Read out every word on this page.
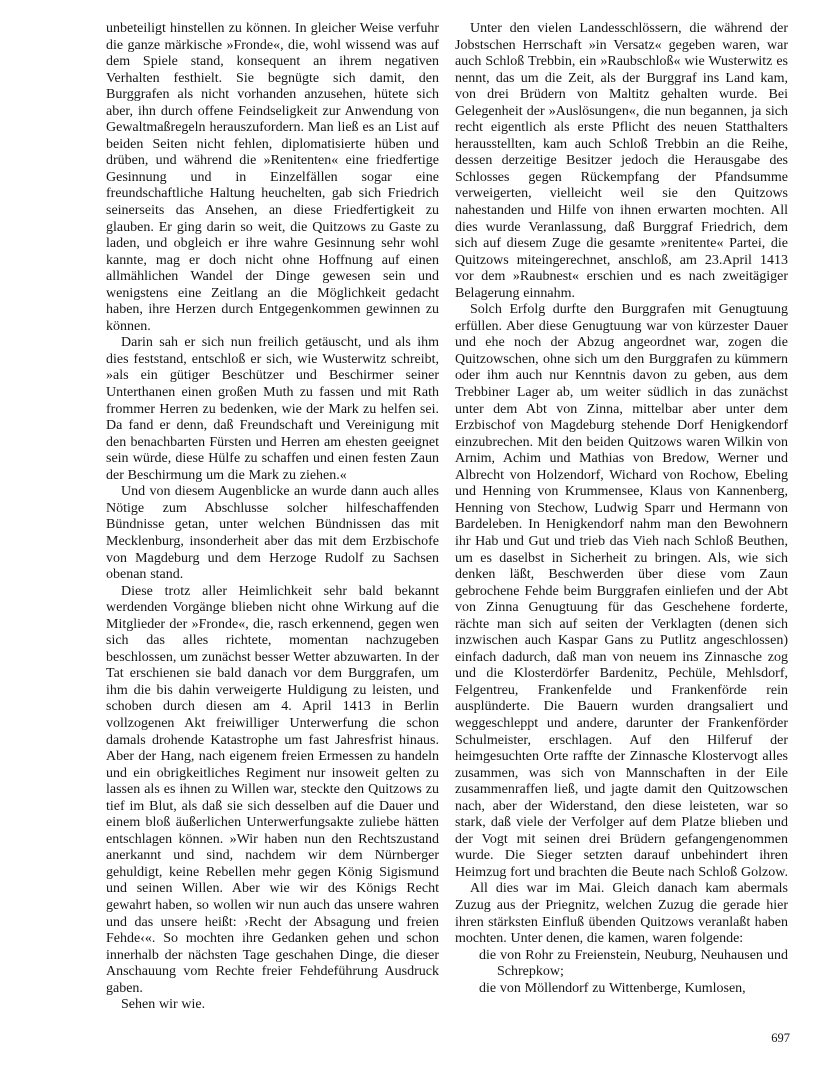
unbeteiligt hinstellen zu können. In gleicher Weise verfuhr die ganze märkische »Fronde«, die, wohl wissend was auf dem Spiele stand, konsequent an ihrem negativen Verhalten festhielt. Sie begnügte sich damit, den Burggrafen als nicht vorhanden anzusehen, hütete sich aber, ihn durch offene Feindseligkeit zur Anwendung von Gewaltmaßregeln herauszufordern. Man ließ es an List auf beiden Seiten nicht fehlen, diplomatisierte hüben und drüben, und während die »Renitenten« eine friedfertige Gesinnung und in Einzelfällen sogar eine freundschaftliche Haltung heuchelten, gab sich Friedrich seinerseits das Ansehen, an diese Friedfertigkeit zu glauben. Er ging darin so weit, die Quitzows zu Gaste zu laden, und obgleich er ihre wahre Gesinnung sehr wohl kannte, mag er doch nicht ohne Hoffnung auf einen allmählichen Wandel der Dinge gewesen sein und wenigstens eine Zeitlang an die Möglichkeit gedacht haben, ihre Herzen durch Entgegenkommen gewinnen zu können.

Darin sah er sich nun freilich getäuscht, und als ihm dies feststand, entschloß er sich, wie Wusterwitz schreibt, »als ein gütiger Beschützer und Beschirmer seiner Unterthanen einen großen Muth zu fassen und mit Rath frommer Herren zu bedenken, wie der Mark zu helfen sei. Da fand er denn, daß Freundschaft und Vereinigung mit den benachbarten Fürsten und Herren am ehesten geeignet sein würde, diese Hülfe zu schaffen und einen festen Zaun der Beschirmung um die Mark zu ziehen.«

Und von diesem Augenblicke an wurde dann auch alles Nötige zum Abschlusse solcher hilfeschaffenden Bündnisse getan, unter welchen Bündnissen das mit Mecklenburg, insonderheit aber das mit dem Erzbischofe von Magdeburg und dem Herzoge Rudolf zu Sachsen obenan stand.

Diese trotz aller Heimlichkeit sehr bald bekannt werdenden Vorgänge blieben nicht ohne Wirkung auf die Mitglieder der »Fronde«, die, rasch erkennend, gegen wen sich das alles richtete, momentan nachzugeben beschlossen, um zunächst besser Wetter abzuwarten. In der Tat erschienen sie bald danach vor dem Burggrafen, um ihm die bis dahin verweigerte Huldigung zu leisten, und schoben durch diesen am 4. April 1413 in Berlin vollzogenen Akt freiwilliger Unterwerfung die schon damals drohende Katastrophe um fast Jahresfrist hinaus. Aber der Hang, nach eigenem freien Ermessen zu handeln und ein obrigkeitliches Regiment nur insoweit gelten zu lassen als es ihnen zu Willen war, steckte den Quitzows zu tief im Blut, als daß sie sich desselben auf die Dauer und einem bloß äußerlichen Unterwerfungsakte zuliebe hätten entschlagen können. »Wir haben nun den Rechtszustand anerkannt und sind, nachdem wir dem Nürnberger gehuldigt, keine Rebellen mehr gegen König Sigismund und seinen Willen. Aber wie wir des Königs Recht gewahrt haben, so wollen wir nun auch das unsere wahren und das unsere heißt: ›Recht der Absagung und freien Fehde‹«. So mochten ihre Gedanken gehen und schon innerhalb der nächsten Tage geschahen Dinge, die dieser Anschauung vom Rechte freier Fehdeführung Ausdruck gaben.

Sehen wir wie.

Unter den vielen Landesschlössern, die während der Jobstschen Herrschaft »in Versatz« gegeben waren, war auch Schloß Trebbin, ein »Raubschloß« wie Wusterwitz es nennt, das um die Zeit, als der Burggraf ins Land kam, von drei Brüdern von Maltitz gehalten wurde. Bei Gelegenheit der »Auslösungen«, die nun begannen, ja sich recht eigentlich als erste Pflicht des neuen Statthalters herausstellten, kam auch Schloß Trebbin an die Reihe, dessen derzeitige Besitzer jedoch die Herausgabe des Schlosses gegen Rückempfang der Pfandsumme verweigerten, vielleicht weil sie den Quitzows nahestanden und Hilfe von ihnen erwarten mochten. All dies wurde Veranlassung, daß Burggraf Friedrich, dem sich auf diesem Zuge die gesamte »renitente« Partei, die Quitzows miteingerechnet, anschloß, am 23.April 1413 vor dem »Raubnest« erschien und es nach zweitägiger Belagerung einnahm.

Solch Erfolg durfte den Burggrafen mit Genugtuung erfüllen. Aber diese Genugtuung war von kürzester Dauer und ehe noch der Abzug angeordnet war, zogen die Quitzowschen, ohne sich um den Burggrafen zu kümmern oder ihm auch nur Kenntnis davon zu geben, aus dem Trebbiner Lager ab, um weiter südlich in das zunächst unter dem Abt von Zinna, mittelbar aber unter dem Erzbischof von Magdeburg stehende Dorf Henigkendorf einzubrechen. Mit den beiden Quitzows waren Wilkin von Arnim, Achim und Mathias von Bredow, Werner und Albrecht von Holzendorf, Wichard von Rochow, Ebeling und Henning von Krummensee, Klaus von Kannenberg, Henning von Stechow, Ludwig Sparr und Hermann von Bardeleben. In Henigkendorf nahm man den Bewohnern ihr Hab und Gut und trieb das Vieh nach Schloß Beuthen, um es daselbst in Sicherheit zu bringen. Als, wie sich denken läßt, Beschwerden über diese vom Zaun gebrochene Fehde beim Burggrafen einliefen und der Abt von Zinna Genugtuung für das Geschehene forderte, rächte man sich auf seiten der Verklagten (denen sich inzwischen auch Kaspar Gans zu Putlitz angeschlossen) einfach dadurch, daß man von neuem ins Zinnasche zog und die Klosterdörfer Bardenitz, Pechüle, Mehlsdorf, Felgentreu, Frankenfelde und Frankenförde rein ausplünderte. Die Bauern wurden drangsaliert und weggeschleppt und andere, darunter der Frankenförder Schulmeister, erschlagen. Auf den Hilferuf der heimgesuchten Orte raffte der Zinnasche Klostervogt alles zusammen, was sich von Mannschaften in der Eile zusammenraffen ließ, und jagte damit den Quitzowschen nach, aber der Widerstand, den diese leisteten, war so stark, daß viele der Verfolger auf dem Platze blieben und der Vogt mit seinen drei Brüdern gefangengenommen wurde. Die Sieger setzten darauf unbehindert ihren Heimzug fort und brachten die Beute nach Schloß Golzow.

All dies war im Mai. Gleich danach kam abermals Zuzug aus der Priegnitz, welchen Zuzug die gerade hier ihren stärksten Einfluß übenden Quitzows veranlaßt haben mochten. Unter denen, die kamen, waren folgende:

die von Rohr zu Freienstein, Neuburg, Neuhausen und Schrepkow;

die von Möllendorf zu Wittenberge, Kumlosen,

697
